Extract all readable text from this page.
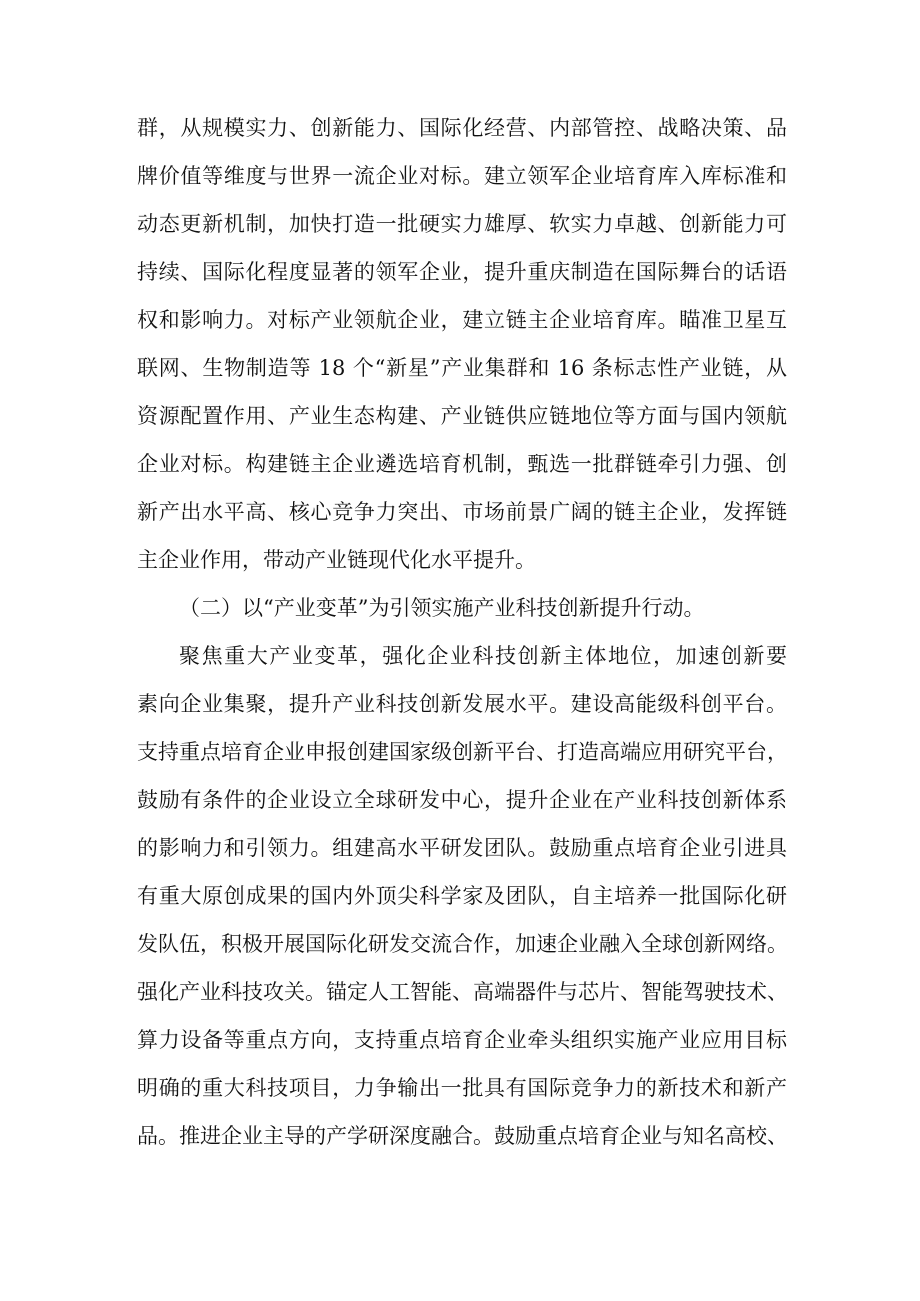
群，从规模实力、创新能力、国际化经营、内部管控、战略决策、品
牌价值等维度与世界一流企业对标。建立领军企业培育库入库标准和
动态更新机制，加快打造一批硬实力雄厚、软实力卓越、创新能力可
持续、国际化程度显著的领军企业，提升重庆制造在国际舞台的话语
权和影响力。对标产业领航企业，建立链主企业培育库。瞄准卫星互
联网、生物制造等 18 个“新星”产业集群和 16 条标志性产业链，从
资源配置作用、产业生态构建、产业链供应链地位等方面与国内领航
企业对标。构建链主企业遴选培育机制，甄选一批群链牵引力强、创
新产出水平高、核心竞争力突出、市场前景广阔的链主企业，发挥链
主企业作用，带动产业链现代化水平提升。
（二）以“产业变革”为引领实施产业科技创新提升行动。
聚焦重大产业变革，强化企业科技创新主体地位，加速创新要
素向企业集聚，提升产业科技创新发展水平。建设高能级科创平台。
支持重点培育企业申报创建国家级创新平台、打造高端应用研究平台，
鼓励有条件的企业设立全球研发中心，提升企业在产业科技创新体系
的影响力和引领力。组建高水平研发团队。鼓励重点培育企业引进具
有重大原创成果的国内外顶尖科学家及团队，自主培养一批国际化研
发队伍，积极开展国际化研发交流合作，加速企业融入全球创新网络。
强化产业科技攻关。锚定人工智能、高端器件与芯片、智能驾驶技术、
算力设备等重点方向，支持重点培育企业牵头组织实施产业应用目标
明确的重大科技项目，力争输出一批具有国际竞争力的新技术和新产
品。推进企业主导的产学研深度融合。鼓励重点培育企业与知名高校、
